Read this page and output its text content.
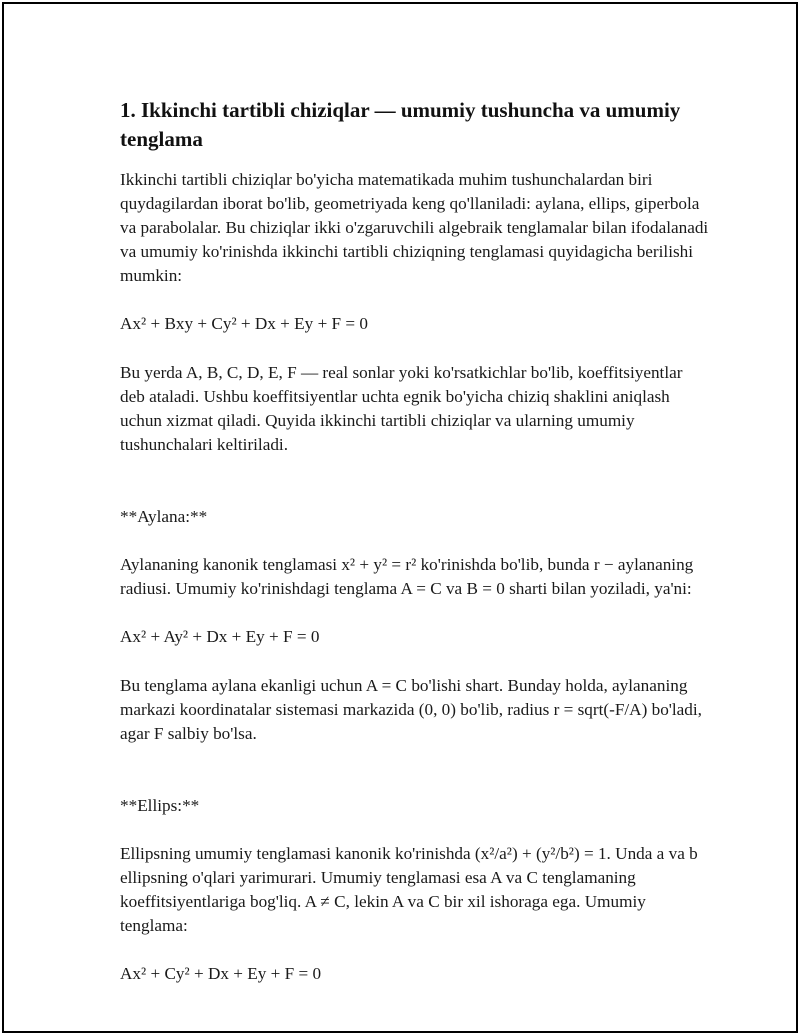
1. Ikkinchi tartibli chiziqlar — umumiy tushuncha va umumiy tenglama

Ikkinchi tartibli chiziqlar bo'yicha matematikada muhim tushunchalardan biri quydagilardan iborat bo'lib, geometriyada keng qo'llaniladi: aylana, ellips, giperbola va parabolalar. Bu chiziqlar ikki o'zgaruvchili algebraik tenglamalar bilan ifodalanadi va umumiy ko'rinishda ikkinchi tartibli chiziqning tenglamasi quyidagicha berilishi mumkin:

Ax² + Bxy + Cy² + Dx + Ey + F = 0

Bu yerda A, B, C, D, E, F — real sonlar yoki ko'rsatkichlar bo'lib, koeffitsiyentlar deb ataladi. Ushbu koeffitsiyentlar uchta egnik bo'yicha chiziq shaklini aniqlash uchun xizmat qiladi. Quyida ikkinchi tartibli chiziqlar va ularning umumiy tushunchalari keltiriladi.

**Aylana:**

Aylananing kanonik tenglamasi x² + y² = r² ko'rinishda bo'lib, bunda r − aylananing radiusi. Umumiy ko'rinishdagi tenglama A = C va B = 0 sharti bilan yoziladi, ya'ni:

Ax² + Ay² + Dx + Ey + F = 0

Bu tenglama aylana ekanligi uchun A = C bo'lishi shart. Bunday holda, aylananing markazi koordinatalar sistemasi markazida (0, 0) bo'lib, radius r = sqrt(-F/A) bo'ladi, agar F salbiy bo'lsa.

**Ellips:**

Ellipsning umumiy tenglamasi kanonik ko'rinishda (x²/a²) + (y²/b²) = 1. Unda a va b ellipsning o'qlari yarimurari. Umumiy tenglamasi esa A va C tenglamaning koeffitsiyentlariga bog'liq. A ≠ C, lekin A va C bir xil ishoraga ega. Umumiy tenglama:

Ax² + Cy² + Dx + Ey + F = 0
